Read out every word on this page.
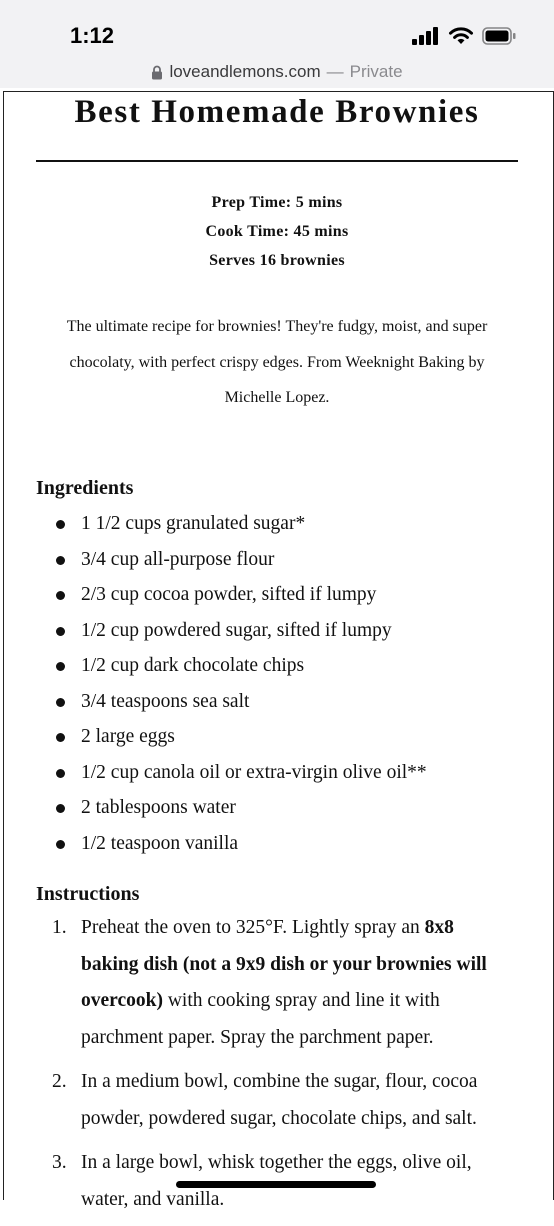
1:12
loveandlemons.com — Private
Best Homemade Brownies
Prep Time: 5 mins
Cook Time: 45 mins
Serves 16 brownies

The ultimate recipe for brownies! They're fudgy, moist, and super chocolaty, with perfect crispy edges. From Weeknight Baking by Michelle Lopez.

Ingredients
1 1/2 cups granulated sugar*
3/4 cup all-purpose flour
2/3 cup cocoa powder, sifted if lumpy
1/2 cup powdered sugar, sifted if lumpy
1/2 cup dark chocolate chips
3/4 teaspoons sea salt
2 large eggs
1/2 cup canola oil or extra-virgin olive oil**
2 tablespoons water
1/2 teaspoon vanilla
Instructions
1. Preheat the oven to 325°F. Lightly spray an 8x8 baking dish (not a 9x9 dish or your brownies will overcook) with cooking spray and line it with parchment paper. Spray the parchment paper.
2. In a medium bowl, combine the sugar, flour, cocoa powder, powdered sugar, chocolate chips, and salt.
3. In a large bowl, whisk together the eggs, olive oil, water, and vanilla.
